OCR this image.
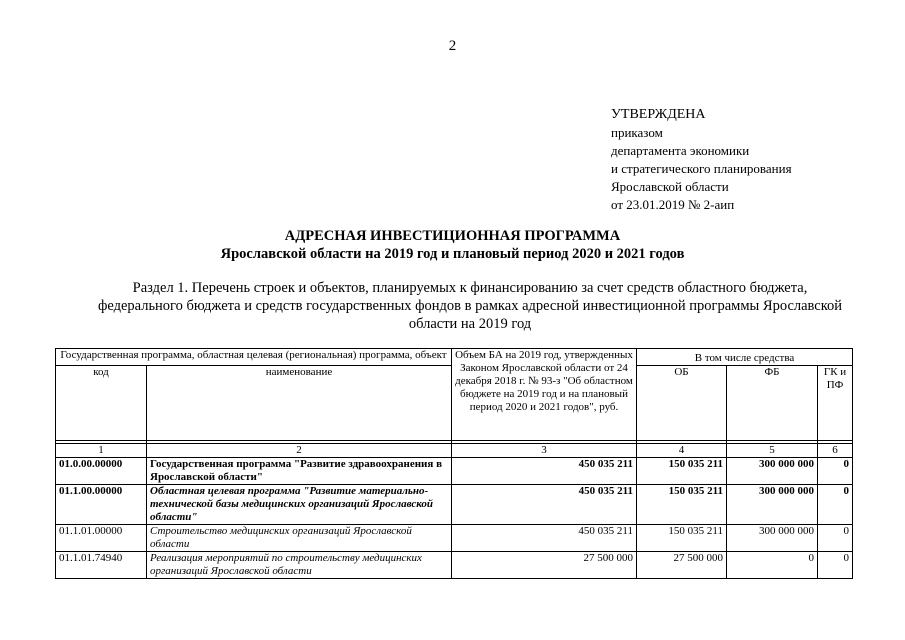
2
УТВЕРЖДЕНА
приказом
департамента экономики
и стратегического планирования
Ярославской области
от 23.01.2019 № 2-аип
АДРЕСНАЯ ИНВЕСТИЦИОННАЯ ПРОГРАММА
Ярославской области на 2019 год и плановый период 2020 и 2021 годов
Раздел 1. Перечень строек и объектов, планируемых к финансированию за счет средств областного бюджета,
федерального бюджета и средств государственных фондов в рамках адресной инвестиционной программы Ярославской
области на 2019 год
Государственная программа, областная целевая (региональная) программа, объект		Объем БА на 2019 год, утвержденных Законом Ярославской области от 24 декабря 2018 г. № 93-з "Об областном бюджете на 2019 год и на плановый период 2020 и 2021 годов", руб.	В том числе средства		
код	наименование		ОБ	ФБ	ГК и ПФ

1	2	3	4	5	6
01.0.00.00000	Государственная программа "Развитие здравоохранения в Ярославской области"	450 035 211	150 035 211	300 000 000	0
01.1.00.00000	Областная целевая программа "Развитие материально-технической базы медицинских организаций Ярославской области"	450 035 211	150 035 211	300 000 000	0
01.1.01.00000	Строительство медицинских организаций Ярославской области	450 035 211	150 035 211	300 000 000	0
01.1.01.74940	Реализация мероприятий по строительству медицинских организаций Ярославской области	27 500 000	27 500 000	0	0
